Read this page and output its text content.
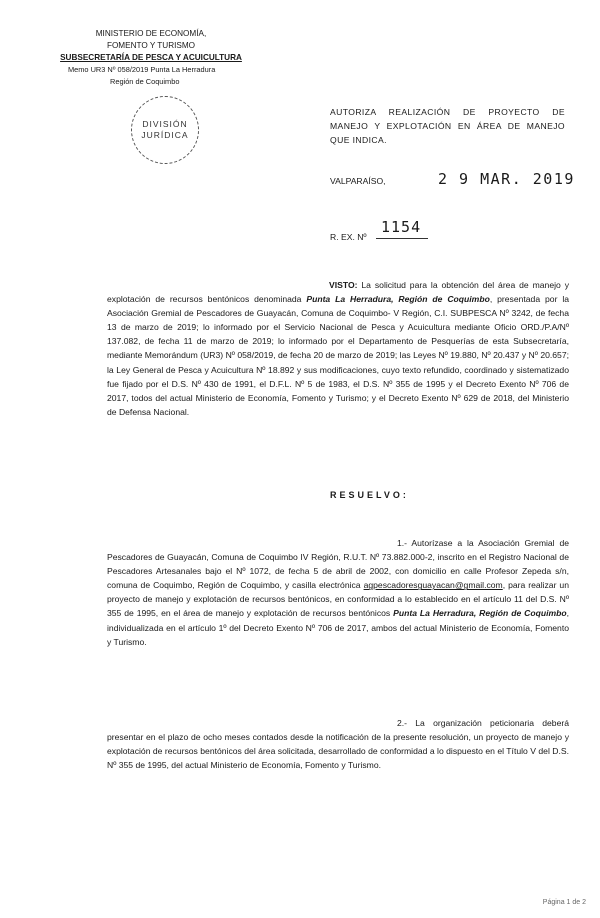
MINISTERIO DE ECONOMÍA,
FOMENTO Y TURISMO
SUBSECRETARÍA DE PESCA Y ACUICULTURA
Memo UR3 Nº 058/2019 Punta La Herradura
Región de Coquimbo
DIVISIÓN
JURÍDICA
AUTORIZA REALIZACIÓN DE PROYECTO DE MANEJO Y EXPLOTACIÓN EN ÁREA DE MANEJO QUE INDICA.
VALPARAÍSO,	2 9 MAR. 2019
R. EX. Nº
1154
VISTO: La solicitud para la obtención del área de manejo y explotación de recursos bentónicos denominada Punta La Herradura, Región de Coquimbo, presentada por la Asociación Gremial de Pescadores de Guayacán, Comuna de Coquimbo- V Región, C.I. SUBPESCA Nº 3242, de fecha 13 de marzo de 2019; lo informado por el Servicio Nacional de Pesca y Acuicultura mediante Oficio ORD./P.A/Nº 137.082, de fecha 11 de marzo de 2019; lo informado por el Departamento de Pesquerías de esta Subsecretaría, mediante Memorándum (UR3) Nº 058/2019, de fecha 20 de marzo de 2019; las Leyes Nº 19.880, Nº 20.437 y Nº 20.657; la Ley General de Pesca y Acuicultura Nº 18.892 y sus modificaciones, cuyo texto refundido, coordinado y sistematizado fue fijado por el D.S. Nº 430 de 1991, el D.F.L. Nº 5 de 1983, el D.S. Nº 355 de 1995 y el Decreto Exento Nº 706 de 2017, todos del actual Ministerio de Economía, Fomento y Turismo; y el Decreto Exento Nº 629 de 2018, del Ministerio de Defensa Nacional.
RESUELVO:
1.- Autorízase a la Asociación Gremial de Pescadores de Guayacán, Comuna de Coquimbo IV Región, R.U.T. Nº 73.882.000-2, inscrito en el Registro Nacional de Pescadores Artesanales bajo el Nº 1072, de fecha 5 de abril de 2002, con domicilio en calle Profesor Zepeda s/n, comuna de Coquimbo, Región de Coquimbo, y casilla electrónica agpescadoresguayacan@gmail.com, para realizar un proyecto de manejo y explotación de recursos bentónicos, en conformidad a lo establecido en el artículo 11 del D.S. Nº 355 de 1995, en el área de manejo y explotación de recursos bentónicos Punta La Herradura, Región de Coquimbo, individualizada en el artículo 1º del Decreto Exento Nº 706 de 2017, ambos del actual Ministerio de Economía, Fomento y Turismo.
2.- La organización peticionaria deberá presentar en el plazo de ocho meses contados desde la notificación de la presente resolución, un proyecto de manejo y explotación de recursos bentónicos del área solicitada, desarrollado de conformidad a lo dispuesto en el Título V del D.S. Nº 355 de 1995, del actual Ministerio de Economía, Fomento y Turismo.
Página 1 de 2
